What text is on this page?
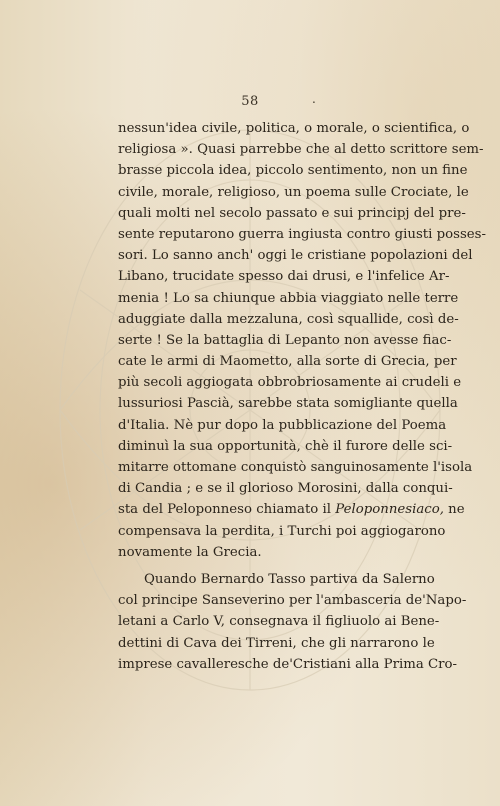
58	.
nessun'idea civile, politica, o morale, o scientifica, o
religiosa ». Quasi parrebbe che al detto scrittore sem-
brasse piccola idea, piccolo sentimento, non un fine
civile, morale, religioso, un poema sulle Crociate, le
quali molti nel secolo passato e sui principj del pre-
sente reputarono guerra ingiusta contro giusti posses-
sori. Lo sanno anch' oggi le cristiane popolazioni del
Libano, trucidate spesso dai drusi, e l'infelice Ar-
menia ! Lo sa chiunque abbia viaggiato nelle terre
aduggiate dalla mezzaluna, così squallide, così de-
serte ! Se la battaglia di Lepanto non avesse fiac-
cate le armi di Maometto, alla sorte di Grecia, per
più secoli aggiogata obbrobriosamente ai crudeli e
lussuriosi Pascià, sarebbe stata somigliante quella
d'Italia. Nè pur dopo la pubblicazione del Poema
diminuì la sua opportunità, chè il furore delle sci-
mitarre ottomane conquistò sanguinosamente l'isola
di Candia ; e se il glorioso Morosini, dalla conqui-
sta del Peloponneso chiamato il Peloponnesiaco, ne
compensava la perdita, i Turchi poi aggiogarono
novamente la Grecia.
Quando Bernardo Tasso partiva da Salerno
col principe Sanseverino per l'ambasceria de'Napo-
letani a Carlo V, consegnava il figliuolo ai Bene-
dettini di Cava dei Tirreni, che gli narrarono le
imprese cavalleresche de'Cristiani alla Prima Cro-
